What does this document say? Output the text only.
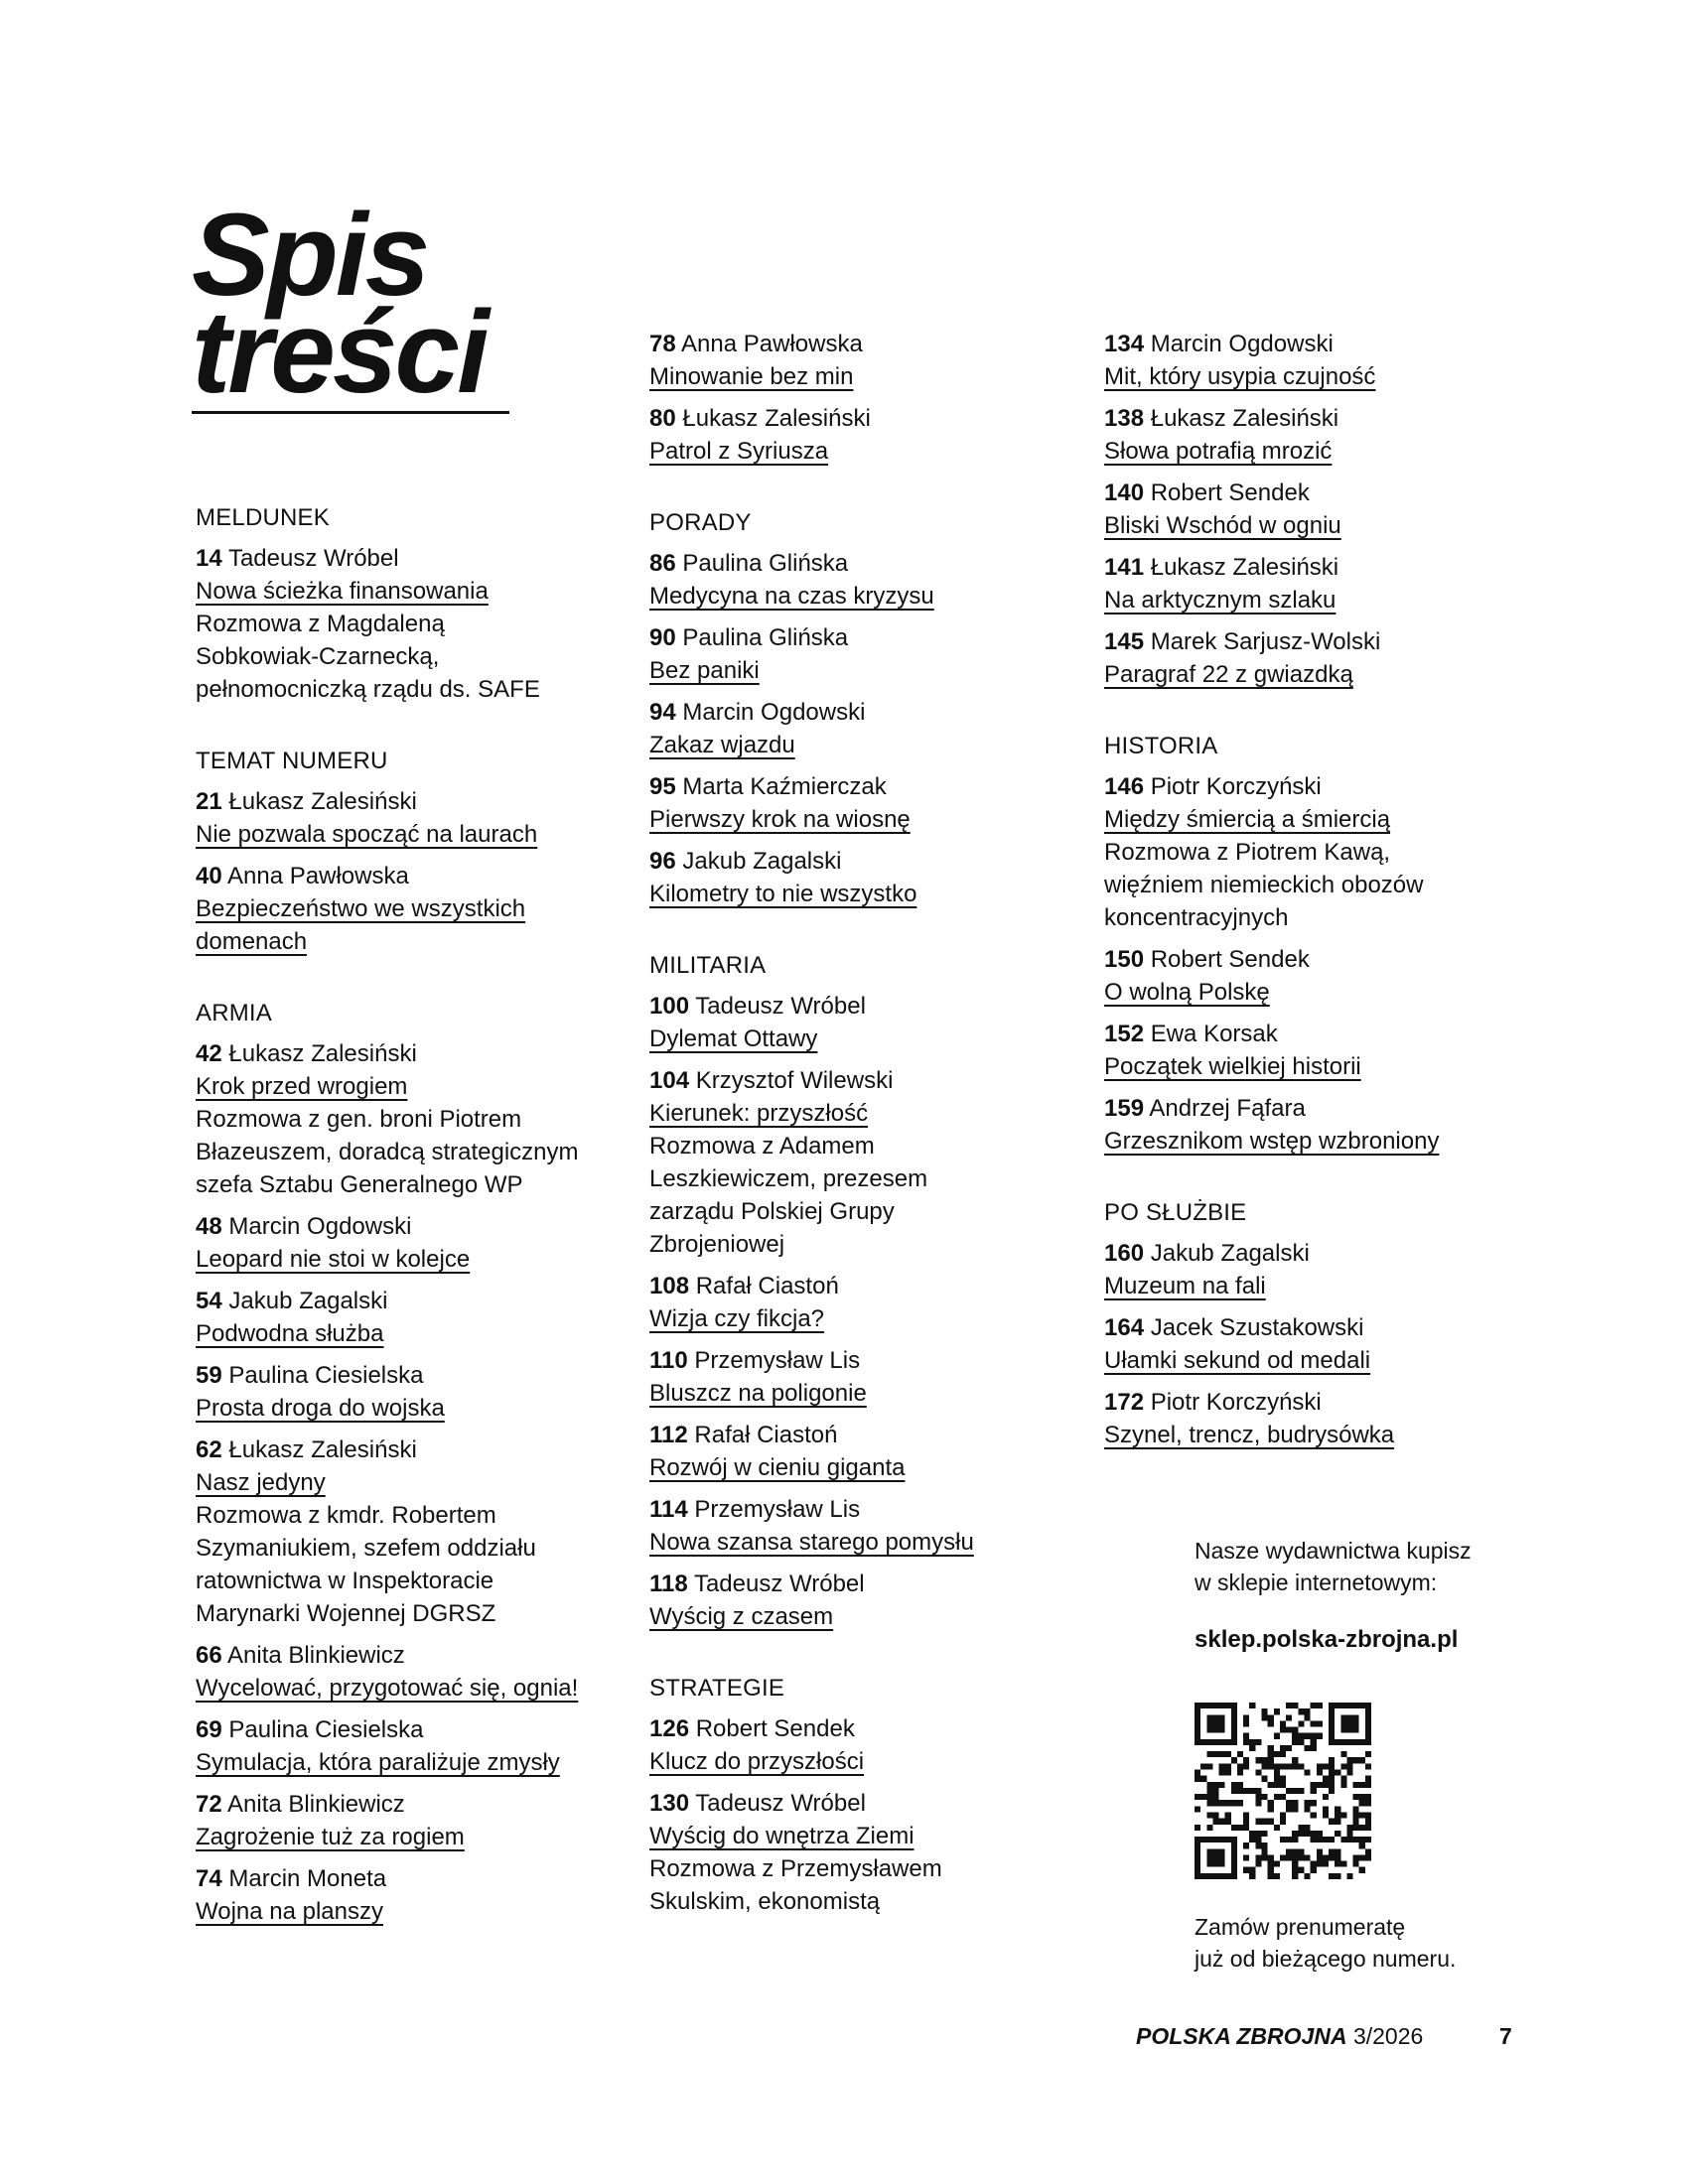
Spis
treści
MELDUNEK
14 Tadeusz Wróbel
Nowa ścieżka finansowania
Rozmowa z Magdaleną
Sobkowiak-Czarnecką,
pełnomocniczką rządu ds. SAFE
TEMAT NUMERU
21 Łukasz Zalesiński
Nie pozwala spocząć na laurach
40 Anna Pawłowska
Bezpieczeństwo we wszystkich domenach
ARMIA
42 Łukasz Zalesiński
Krok przed wrogiem
Rozmowa z gen. broni Piotrem
Błazeuszem, doradcą strategicznym
szefa Sztabu Generalnego WP
48 Marcin Ogdowski
Leopard nie stoi w kolejce
54 Jakub Zagalski
Podwodna służba
59 Paulina Ciesielska
Prosta droga do wojska
62 Łukasz Zalesiński
Nasz jedyny
Rozmowa z kmdr. Robertem
Szymaniukiem, szefem oddziału
ratownictwa w Inspektoracie
Marynarki Wojennej DGRSZ
66 Anita Blinkiewicz
Wycelować, przygotować się, ognia!
69 Paulina Ciesielska
Symulacja, która paraliżuje zmysły
72 Anita Blinkiewicz
Zagrożenie tuż za rogiem
74 Marcin Moneta
Wojna na planszy
78 Anna Pawłowska
Minowanie bez min
80 Łukasz Zalesiński
Patrol z Syriusza
PORADY
86 Paulina Glińska
Medycyna na czas kryzysu
90 Paulina Glińska
Bez paniki
94 Marcin Ogdowski
Zakaz wjazdu
95 Marta Kaźmierczak
Pierwszy krok na wiosnę
96 Jakub Zagalski
Kilometry to nie wszystko
MILITARIA
100 Tadeusz Wróbel
Dylemat Ottawy
104 Krzysztof Wilewski
Kierunek: przyszłość
Rozmowa z Adamem
Leszkiewiczem, prezesem
zarządu Polskiej Grupy
Zbrojeniowej
108 Rafał Ciastoń
Wizja czy fikcja?
110 Przemysław Lis
Bluszcz na poligonie
112 Rafał Ciastoń
Rozwój w cieniu giganta
114 Przemysław Lis
Nowa szansa starego pomysłu
118 Tadeusz Wróbel
Wyścig z czasem
STRATEGIE
126 Robert Sendek
Klucz do przyszłości
130 Tadeusz Wróbel
Wyścig do wnętrza Ziemi
Rozmowa z Przemysławem
Skulskim, ekonomistą
134 Marcin Ogdowski
Mit, który usypia czujność
138 Łukasz Zalesiński
Słowa potrafią mrozić
140 Robert Sendek
Bliski Wschód w ogniu
141 Łukasz Zalesiński
Na arktycznym szlaku
145 Marek Sarjusz-Wolski
Paragraf 22 z gwiazdką
HISTORIA
146 Piotr Korczyński
Między śmiercią a śmiercią
Rozmowa z Piotrem Kawą,
więźniem niemieckich obozów
koncentracyjnych
150 Robert Sendek
O wolną Polskę
152 Ewa Korsak
Początek wielkiej historii
159 Andrzej Fąfara
Grzesznikom wstęp wzbroniony
PO SŁUŻBIE
160 Jakub Zagalski
Muzeum na fali
164 Jacek Szustakowski
Ułamki sekund od medali
172 Piotr Korczyński
Szynel, trencz, budrysówka
Nasze wydawnictwa kupisz
w sklepie internetowym:
sklep.polska-zbrojna.pl
Zamów prenumeratę
już od bieżącego numeru.
POLSKA ZBROJNA 3/2026	7
